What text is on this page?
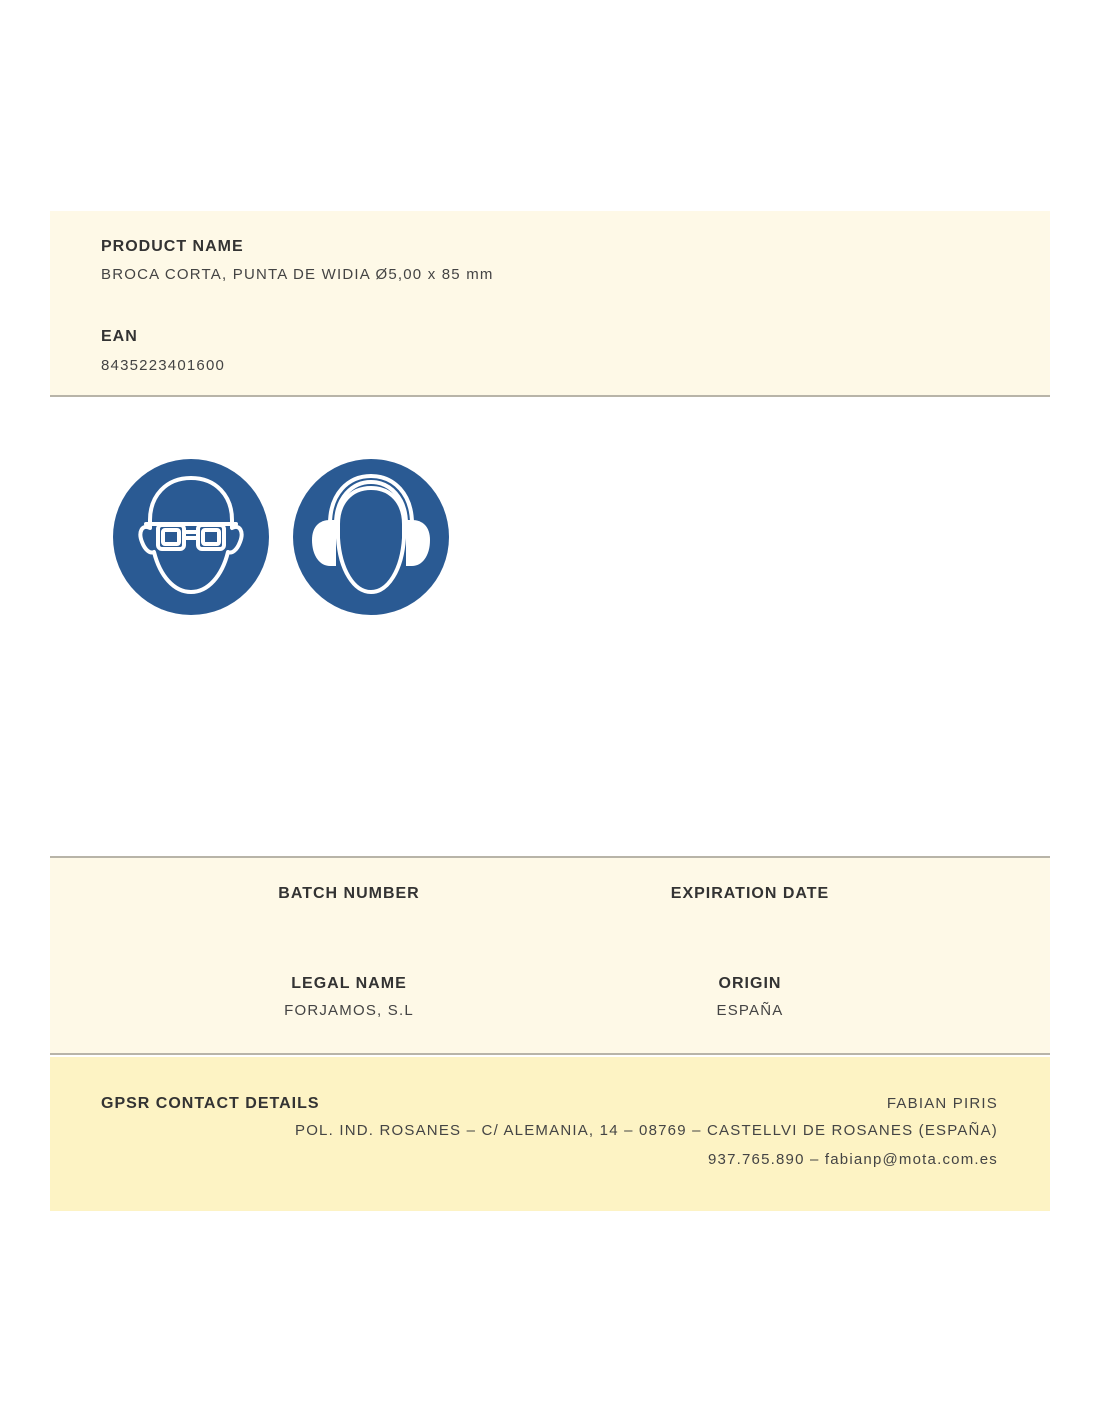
PRODUCT NAME
BROCA CORTA, PUNTA DE WIDIA Ø5,00 x 85 mm
EAN
8435223401600
BATCH NUMBER	EXPIRATION DATE
LEGAL NAME
FORJAMOS, S.L
ORIGIN
ESPAÑA
GPSR CONTACT DETAILS	FABIAN PIRIS
POL. IND. ROSANES – C/ ALEMANIA, 14 – 08769 – CASTELLVI DE ROSANES (ESPAÑA)
937.765.890 – fabianp@mota.com.es
